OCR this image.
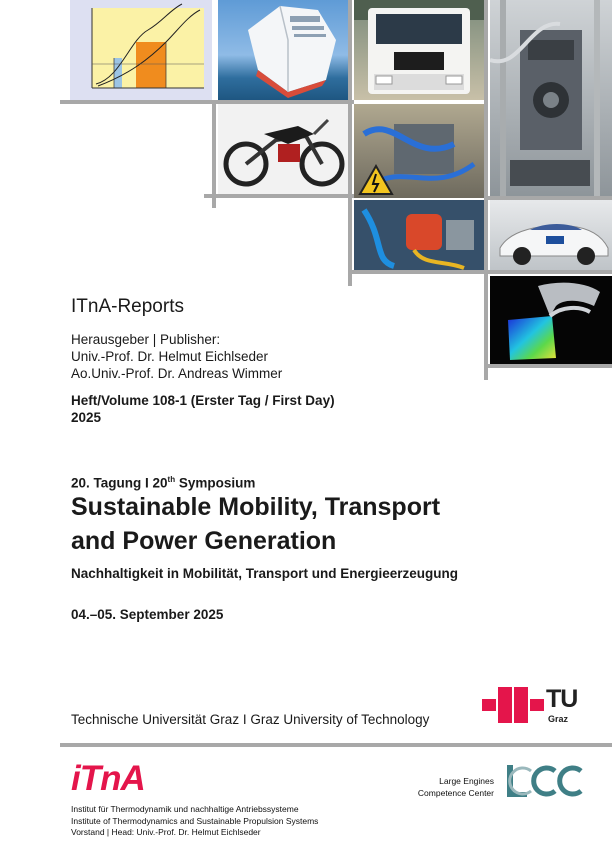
ITnA-Reports
Herausgeber | Publisher:
Univ.-Prof. Dr. Helmut Eichlseder
Ao.Univ.-Prof. Dr. Andreas Wimmer
Heft/Volume 108-1 (Erster Tag / First Day)
2025
20. Tagung I 20th Symposium
Sustainable Mobility, Transport
and Power Generation
Nachhaltigkeit in Mobilität, Transport und Energieerzeugung
04.–05. September 2025
Technische Universität Graz I Graz University of Technology
TU
Graz
iTnA
Institut für Thermodynamik und nachhaltige Antriebssysteme
Institute of Thermodynamics and Sustainable Propulsion Systems
Vorstand | Head: Univ.-Prof. Dr. Helmut Eichlseder
Large Engines
Competence Center
